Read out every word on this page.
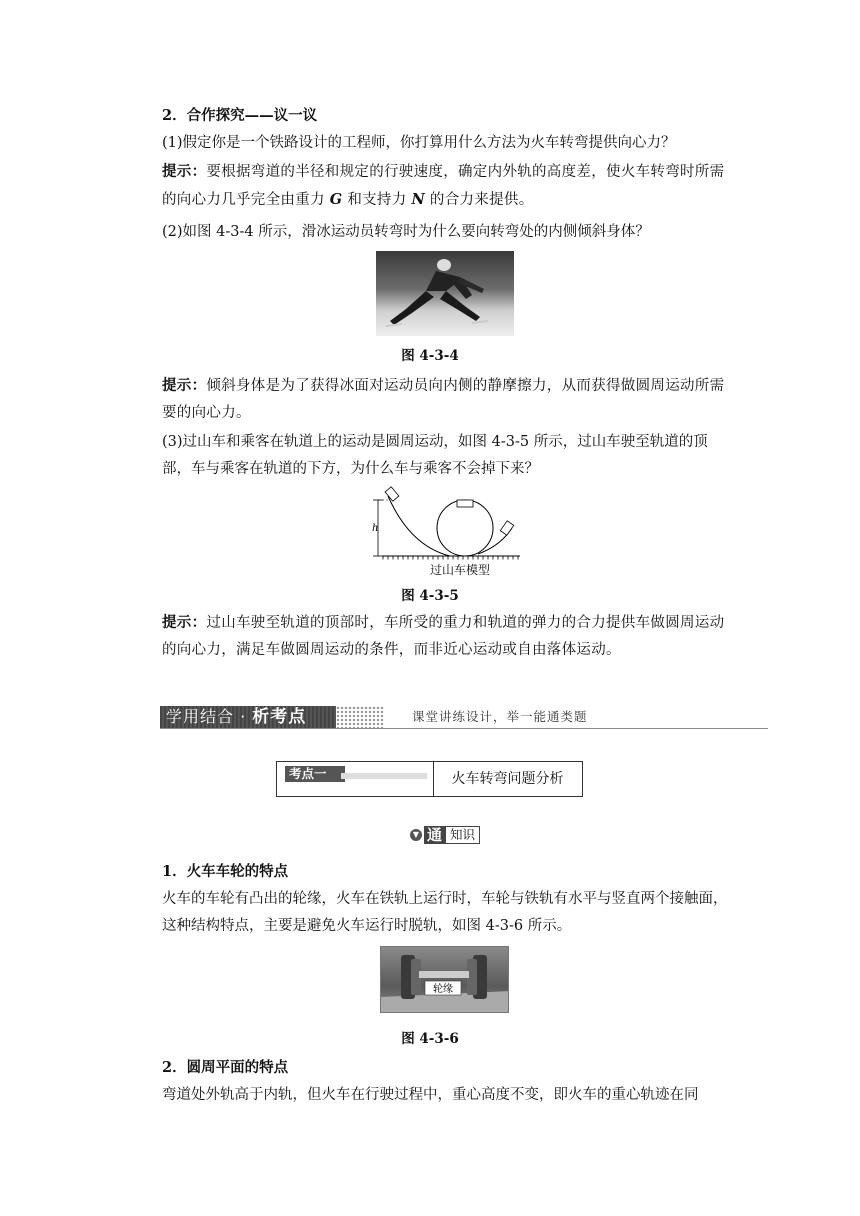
2．合作探究——议一议

(1)假定你是一个铁路设计的工程师，你打算用什么方法为火车转弯提供向心力？

提示：要根据弯道的半径和规定的行驶速度，确定内外轨的高度差，使火车转弯时所需的向心力几乎完全由重力 G 和支持力 N 的合力来提供。

(2)如图 4-3-4 所示，滑冰运动员转弯时为什么要向转弯处的内侧倾斜身体？

图 4-3-4

提示：倾斜身体是为了获得冰面对运动员向内侧的静摩擦力，从而获得做圆周运动所需要的向心力。

(3)过山车和乘客在轨道上的运动是圆周运动，如图 4-3-5 所示，过山车驶至轨道的顶部，车与乘客在轨道的下方，为什么车与乘客不会掉下来？

h
过山车模型
图 4-3-5

提示：过山车驶至轨道的顶部时，车所受的重力和轨道的弹力的合力提供车做圆周运动的向心力，满足车做圆周运动的条件，而非近心运动或自由落体运动。

学用结合 · 析考点	课堂讲练设计，举一能通类题
考点一	火车转弯问题分析
▼ 通 知识

1．火车车轮的特点

火车的车轮有凸出的轮缘，火车在铁轨上运行时，车轮与铁轨有水平与竖直两个接触面，这种结构特点，主要是避免火车运行时脱轨，如图 4-3-6 所示。

轮缘
图 4-3-6

2．圆周平面的特点

弯道处外轨高于内轨，但火车在行驶过程中，重心高度不变，即火车的重心轨迹在同
